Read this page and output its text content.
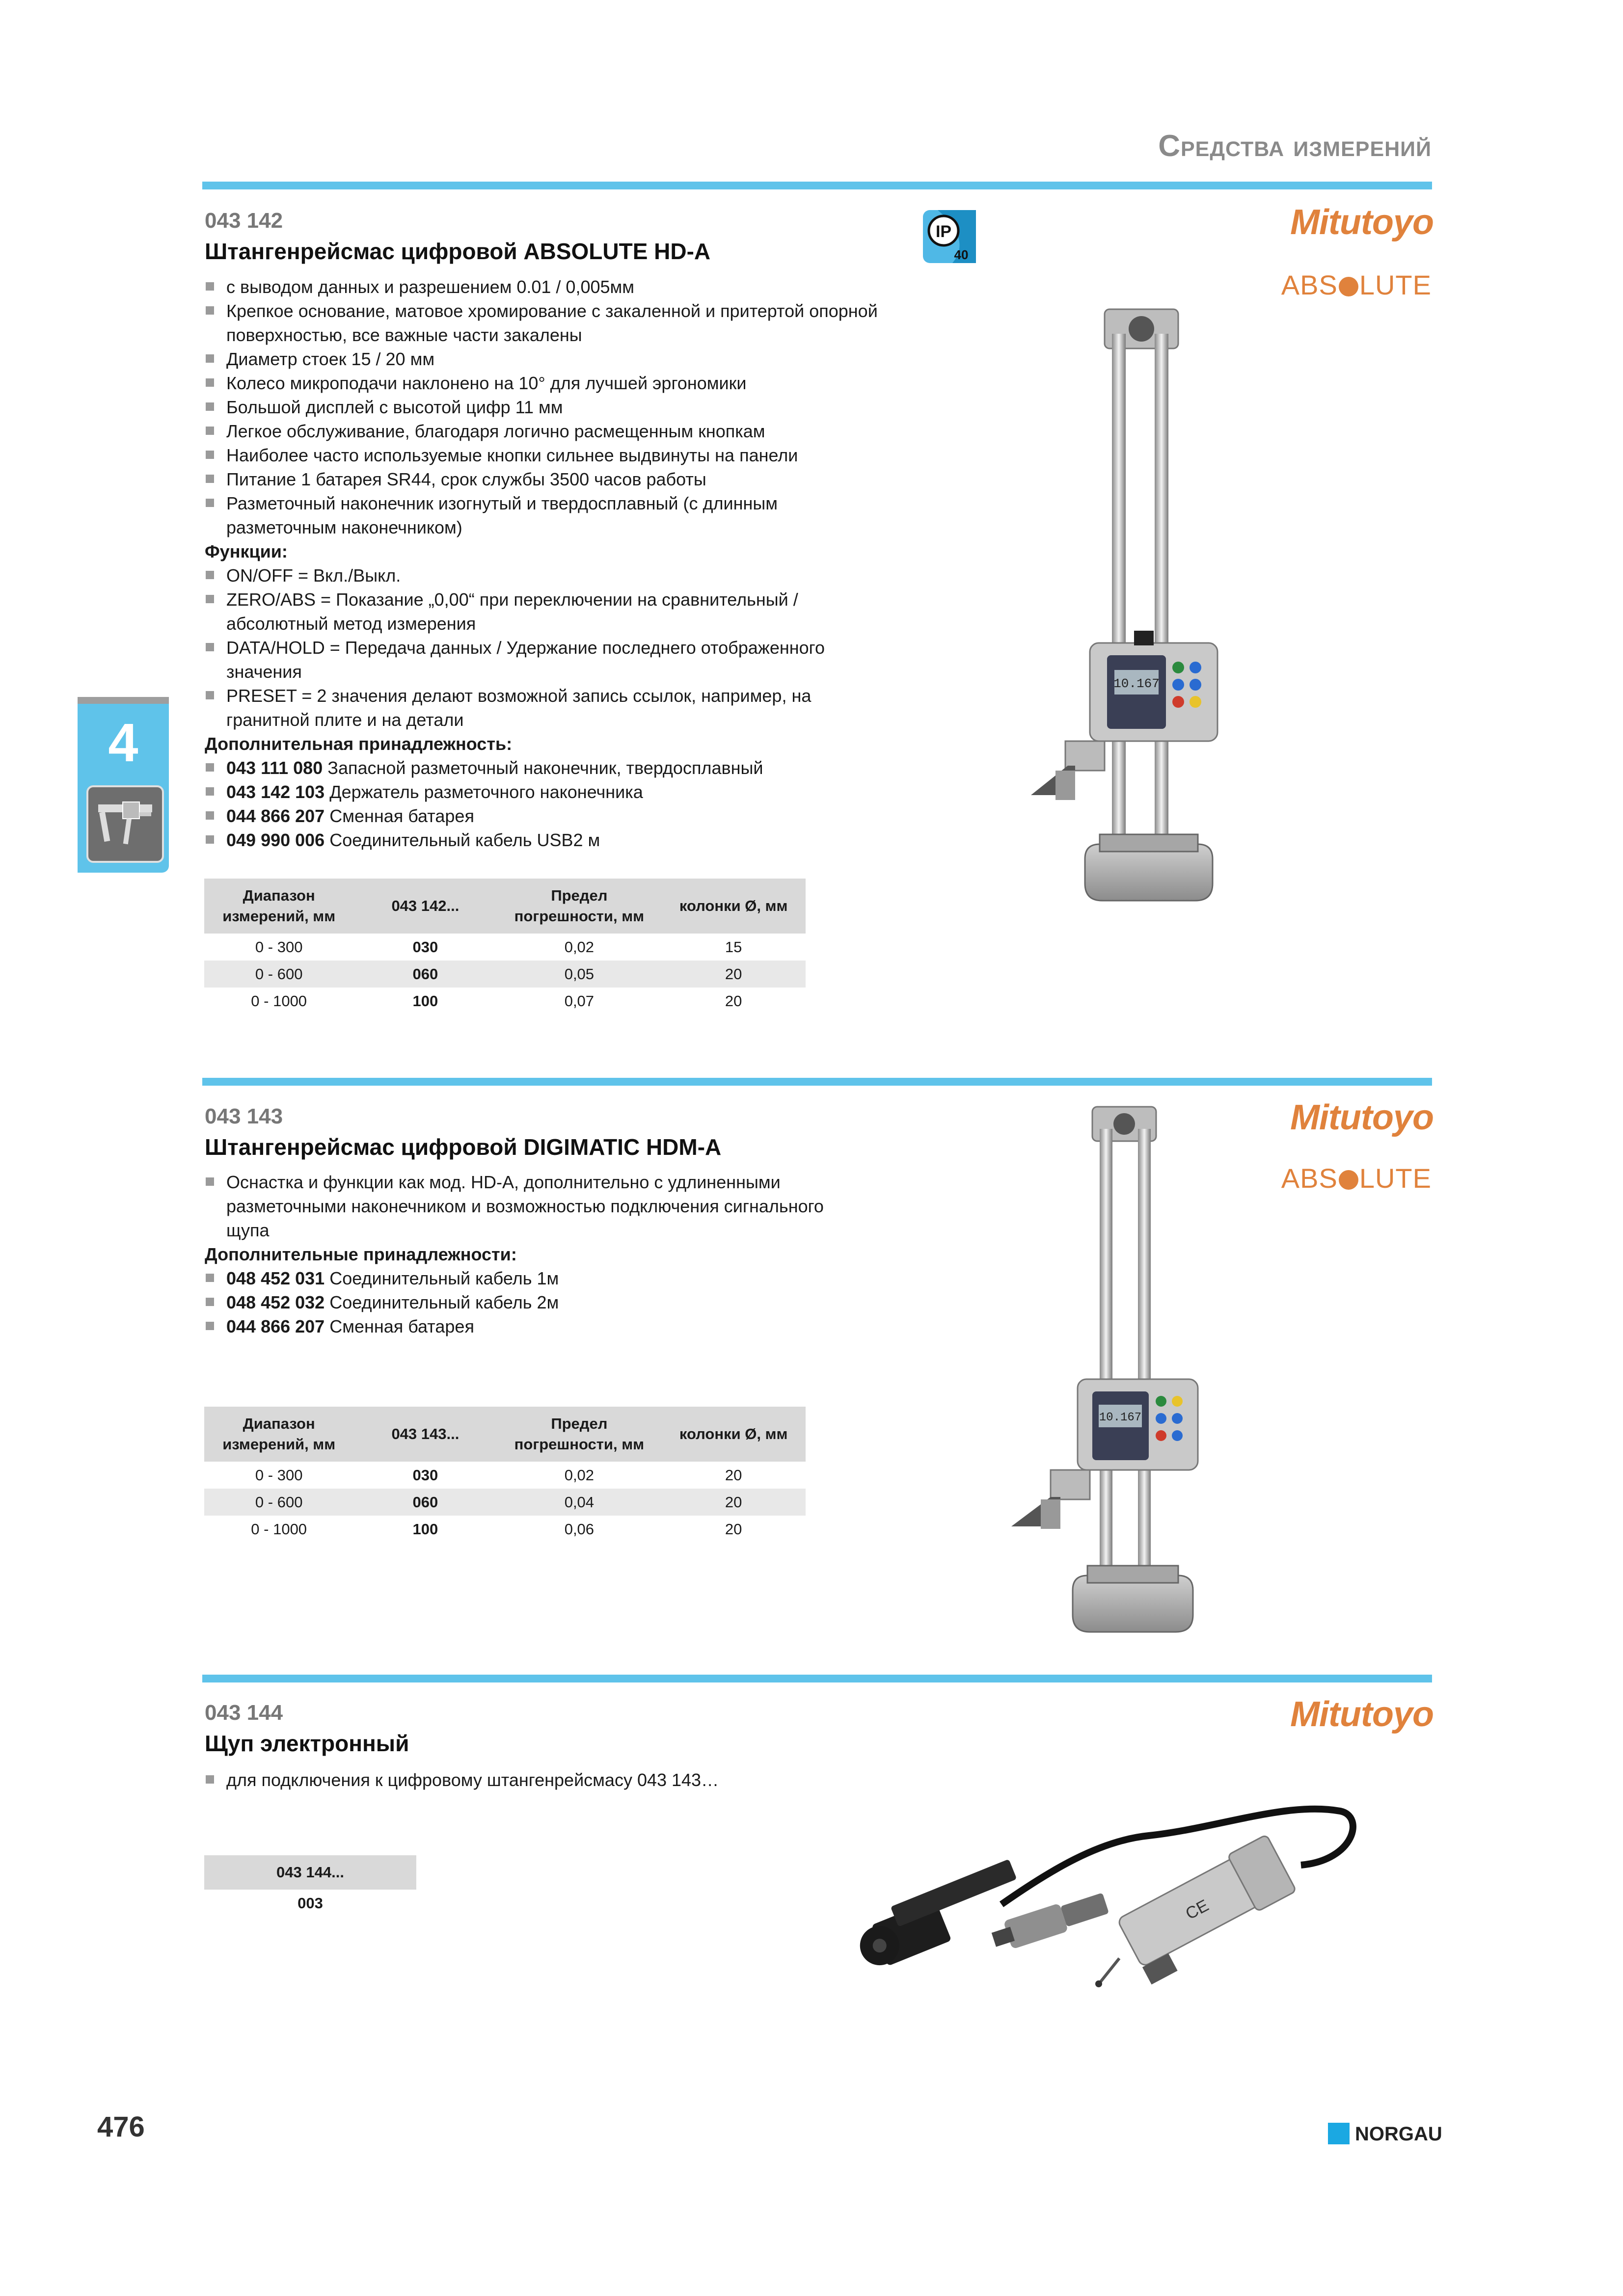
Средства измерений
4
043 142
Штангенрейсмас цифровой ABSOLUTE HD-A
IP
40
Mitutoyo
ABS LUTE
с выводом данных и разрешением 0.01 / 0,005мм
Крепкое основание, матовое хромирование с закаленной и притертой опорной поверхностью, все важные части закалены
Диаметр стоек 15 / 20 мм
Колесо микроподачи наклонено на 10° для лучшей эргономики
Большой дисплей с высотой цифр 11 мм
Легкое обслуживание, благодаря логично расмещенным кнопкам
Наиболее часто используемые кнопки сильнее выдвинуты на панели
Питание 1 батарея SR44, срок службы 3500 часов работы
Разметочный наконечник изогнутый и твердосплавный (с длинным разметочным наконечником)
Функции:
ON/OFF = Вкл./Выкл.
ZERO/ABS = Показание „0,00“ при переключении на сравнительный / абсолютный метод измерения
DATA/HOLD = Передача данных / Удержание последнего отображенного значения
PRESET = 2 значения делают возможной запись ссылок, например, на гранитной плите и на детали
Дополнительная принадлежность:
043 111 080 Запасной разметочный наконечник, твердосплавный
043 142 103 Держатель разметочного наконечника
044 866 207 Сменная батарея
049 990 006 Соединительный кабель USB2 м
Диапазон измерений, мм	043 142...	Предел погрешности, мм	колонки Ø, мм
0 - 300	030	0,02	15
0 - 600	060	0,05	20
0 - 1000	100	0,07	20
10.167
043 143
Штангенрейсмас цифровой DIGIMATIC HDM-A
Mitutoyo
ABS LUTE
Оснастка и функции как мод. HD-A, дополнительно с удлиненными разметочными наконечником и возможностью подключения сигнального щупа
Дополнительные принадлежности:
048 452 031 Соединительный кабель 1м
048 452 032 Соединительный кабель 2м
044 866 207 Сменная батарея
Диапазон измерений, мм	043 143...	Предел погрешности, мм	колонки Ø, мм
0 - 300	030	0,02	20
0 - 600	060	0,04	20
0 - 1000	100	0,06	20
10.167
043 144
Щуп электронный
Mitutoyo
для подключения к цифровому штангенрейсмасу 043 143…
043 144...
003	CE
476	NORGAU
